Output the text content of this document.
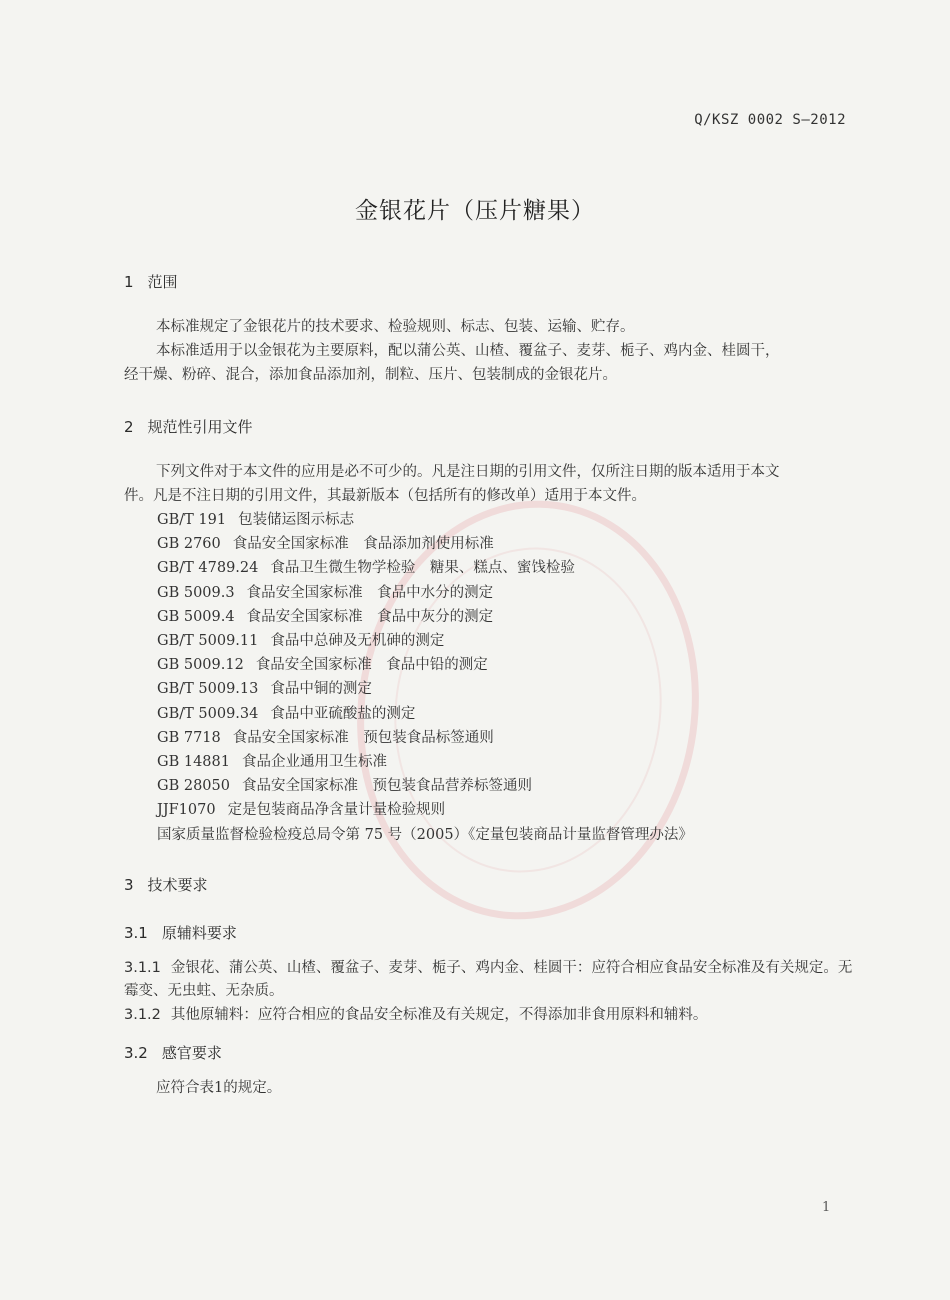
Q/KSZ 0002 S—2012
金银花片（压片糖果）
1 范围
本标准规定了金银花片的技术要求、检验规则、标志、包装、运输、贮存。
本标准适用于以金银花为主要原料，配以蒲公英、山楂、覆盆子、麦芽、栀子、鸡内金、桂圆干，
经干燥、粉碎、混合，添加食品添加剂，制粒、压片、包装制成的金银花片。
2 规范性引用文件
下列文件对于本文件的应用是必不可少的。凡是注日期的引用文件，仅所注日期的版本适用于本文
件。凡是不注日期的引用文件，其最新版本（包括所有的修改单）适用于本文件。
GB/T 191 包装储运图示标志
GB 2760 食品安全国家标准　食品添加剂使用标准
GB/T 4789.24 食品卫生微生物学检验　糖果、糕点、蜜饯检验
GB 5009.3 食品安全国家标准　食品中水分的测定
GB 5009.4 食品安全国家标准　食品中灰分的测定
GB/T 5009.11 食品中总砷及无机砷的测定
GB 5009.12 食品安全国家标准　食品中铅的测定
GB/T 5009.13 食品中铜的测定
GB/T 5009.34 食品中亚硫酸盐的测定
GB 7718 食品安全国家标准　预包装食品标签通则
GB 14881 食品企业通用卫生标准
GB 28050 食品安全国家标准　预包装食品营养标签通则
JJF1070 定是包装商品净含量计量检验规则
国家质量监督检验检疫总局令第 75 号（2005）《定量包装商品计量监督管理办法》
3 技术要求
3.1 原辅料要求
3.1.1 金银花、蒲公英、山楂、覆盆子、麦芽、栀子、鸡内金、桂圆干：应符合相应食品安全标准及有关规定。无霉变、无虫蛀、无杂质。
3.1.2 其他原辅料：应符合相应的食品安全标准及有关规定，不得添加非食用原料和辅料。
3.2 感官要求
应符合表1的规定。
1
